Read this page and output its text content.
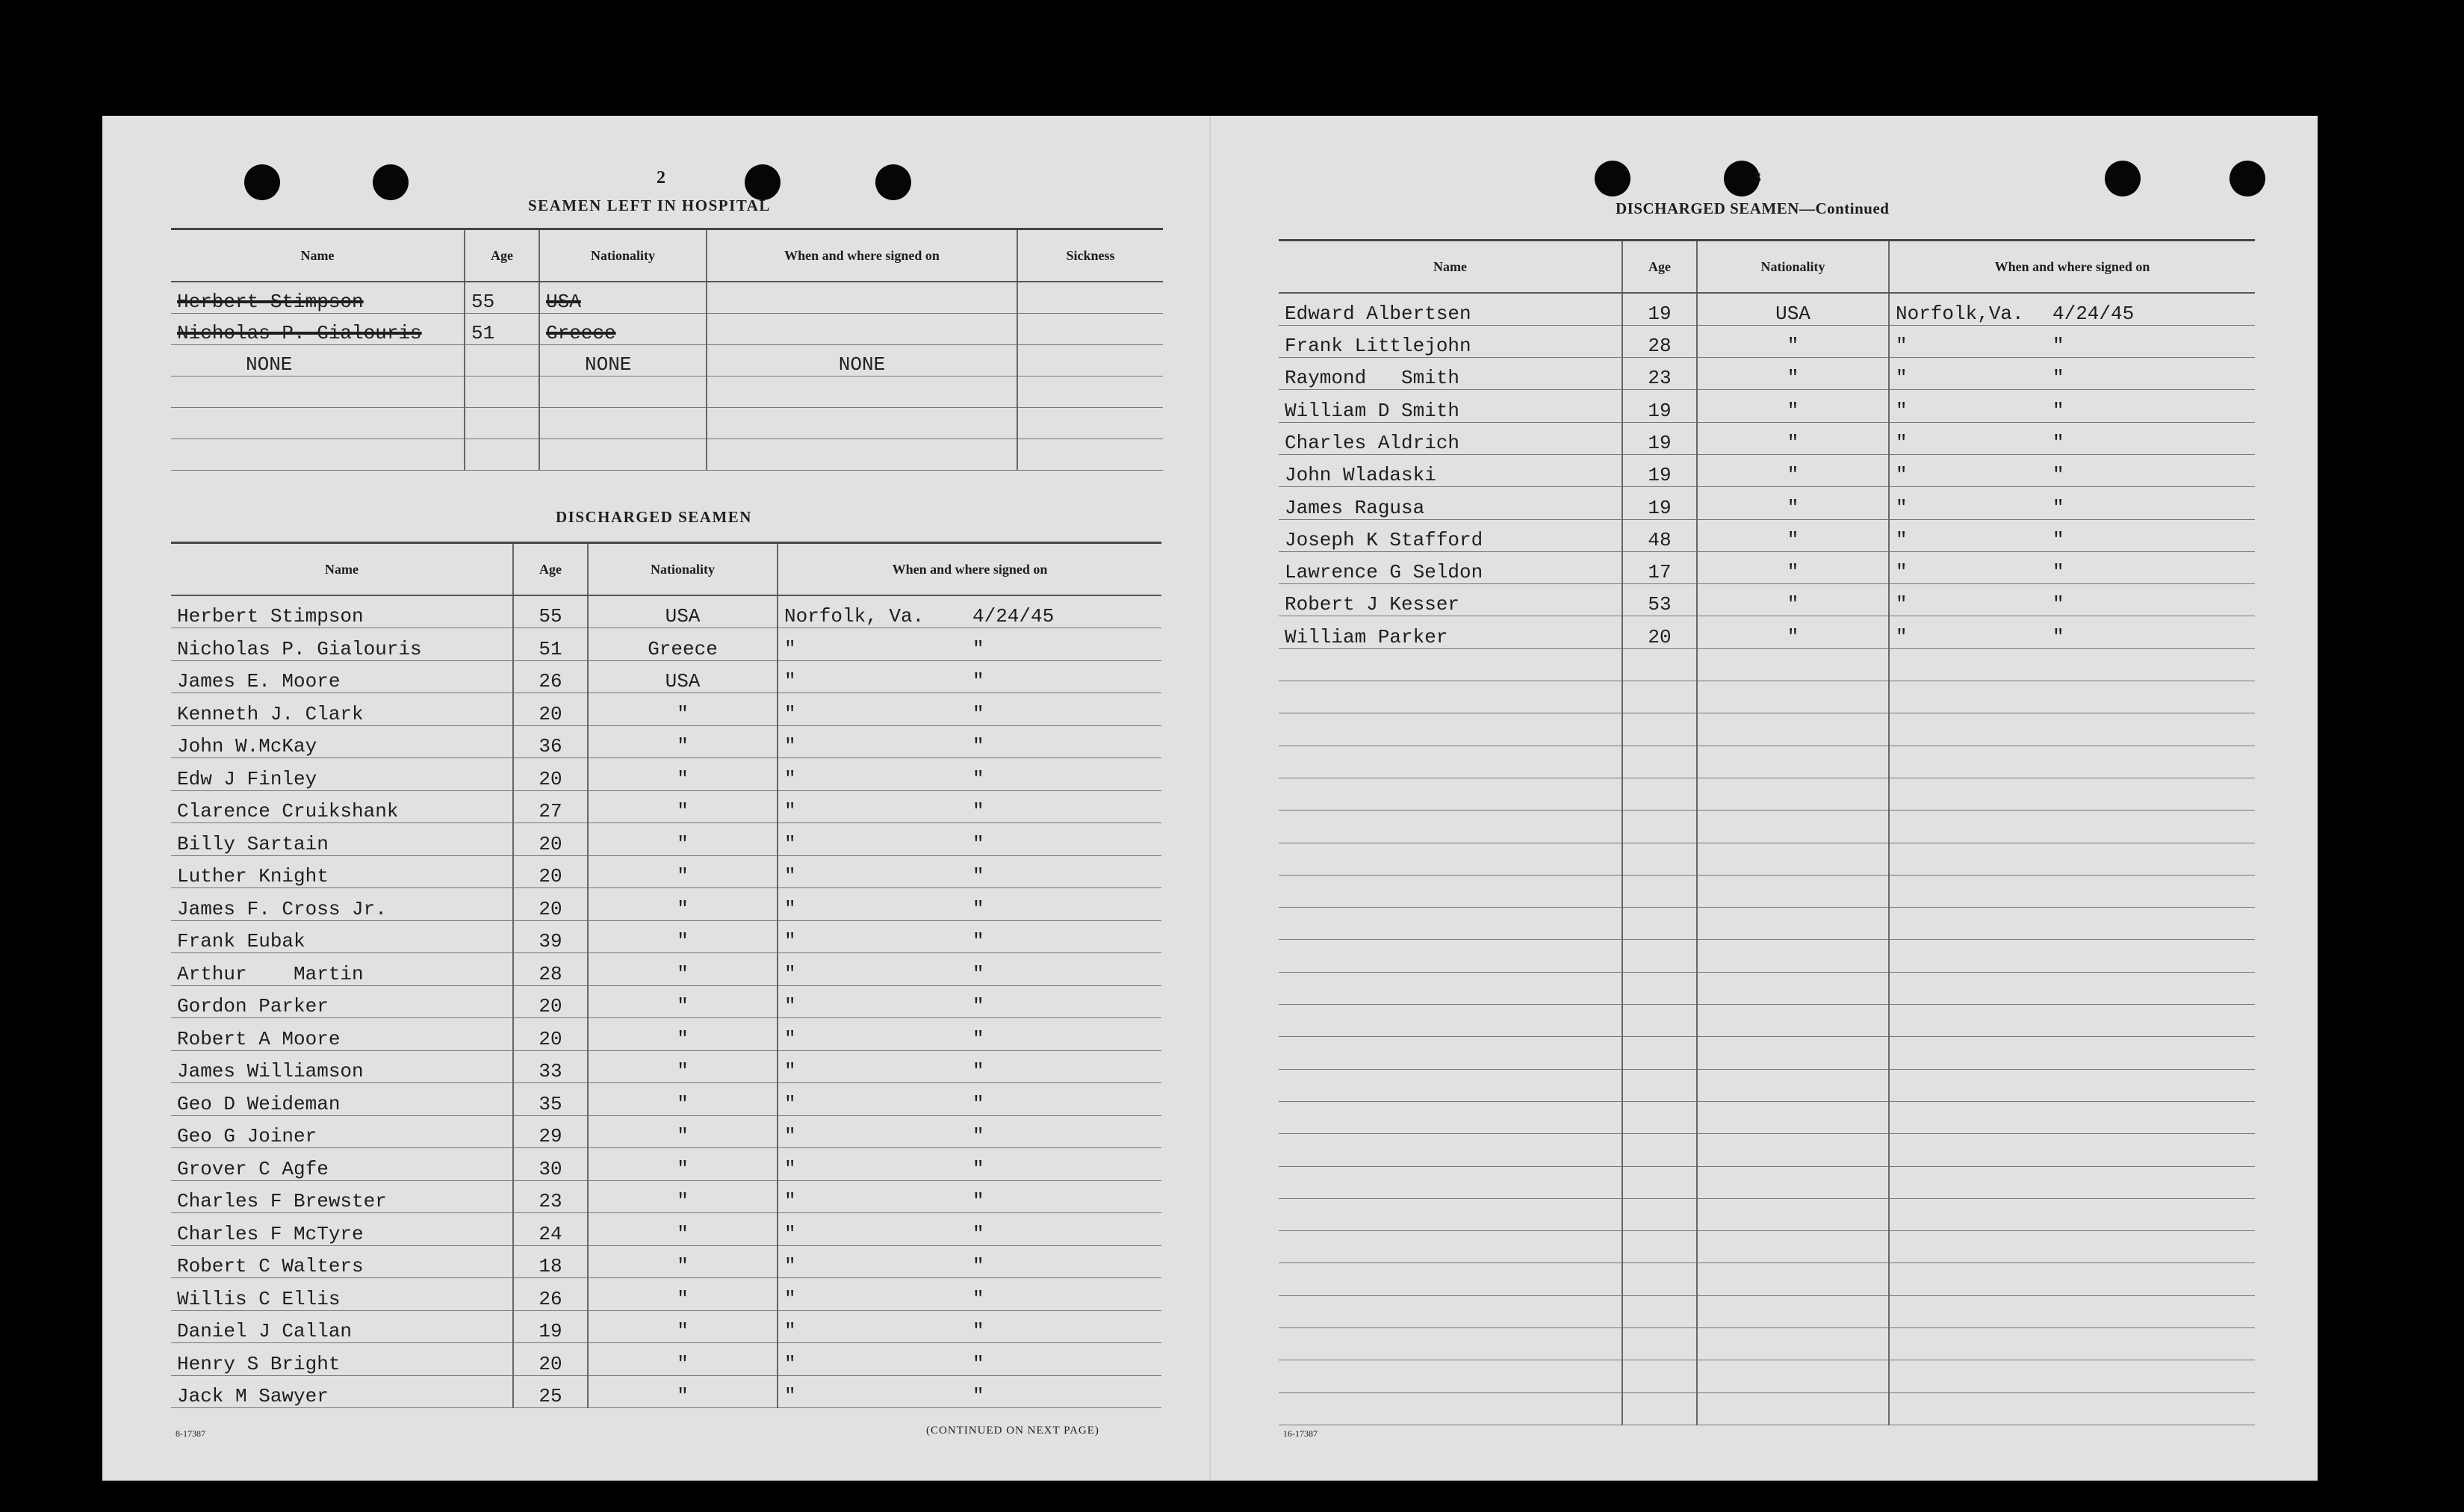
2
SEAMEN LEFT IN HOSPITAL
Name	Age	Nationality	When and where signed on	Sickness
Herbert Stimpson	55	USA		
Nicholas P. Gialouris	51	Greece		
NONE		NONE	NONE	

DISCHARGED SEAMEN
Name	Age	Nationality	When and where signed on
Herbert Stimpson	55	USA	Norfolk, Va. 4/24/45
Nicholas P. Gialouris	51	Greece	" "
James E. Moore	26	USA	" "
Kenneth J. Clark	20	"	" "
John W.McKay	36	"	" "
Edw J Finley	20	"	" "
Clarence Cruikshank	27	"	" "
Billy Sartain	20	"	" "
Luther Knight	20	"	" "
James F. Cross Jr.	20	"	" "
Frank Eubak	39	"	" "
Arthur    Martin	28	"	" "
Gordon Parker	20	"	" "
Robert A Moore	20	"	" "
James Williamson	33	"	" "
Geo D Weideman	35	"	" "
Geo G Joiner	29	"	" "
Grover C Agfe	30	"	" "
Charles F Brewster	23	"	" "
Charles F McTyre	24	"	" "
Robert C Walters	18	"	" "
Willis C Ellis	26	"	" "
Daniel J Callan	19	"	" "
Henry S Bright	20	"	" "
Jack M Sawyer	25	"	" "
8-17387	(CONTINUED ON NEXT PAGE)
3
DISCHARGED SEAMEN—Continued
Name	Age	Nationality	When and where signed on
Edward Albertsen	19	USA	Norfolk,Va. 4/24/45
Frank Littlejohn	28	"	" "
Raymond   Smith	23	"	" "
William D Smith	19	"	" "
Charles Aldrich	19	"	" "
John Wladaski	19	"	" "
James Ragusa	19	"	" "
Joseph K Stafford	48	"	" "
Lawrence G Seldon	17	"	" "
Robert J Kesser	53	"	" "
William Parker	20	"	" "

16-17387
